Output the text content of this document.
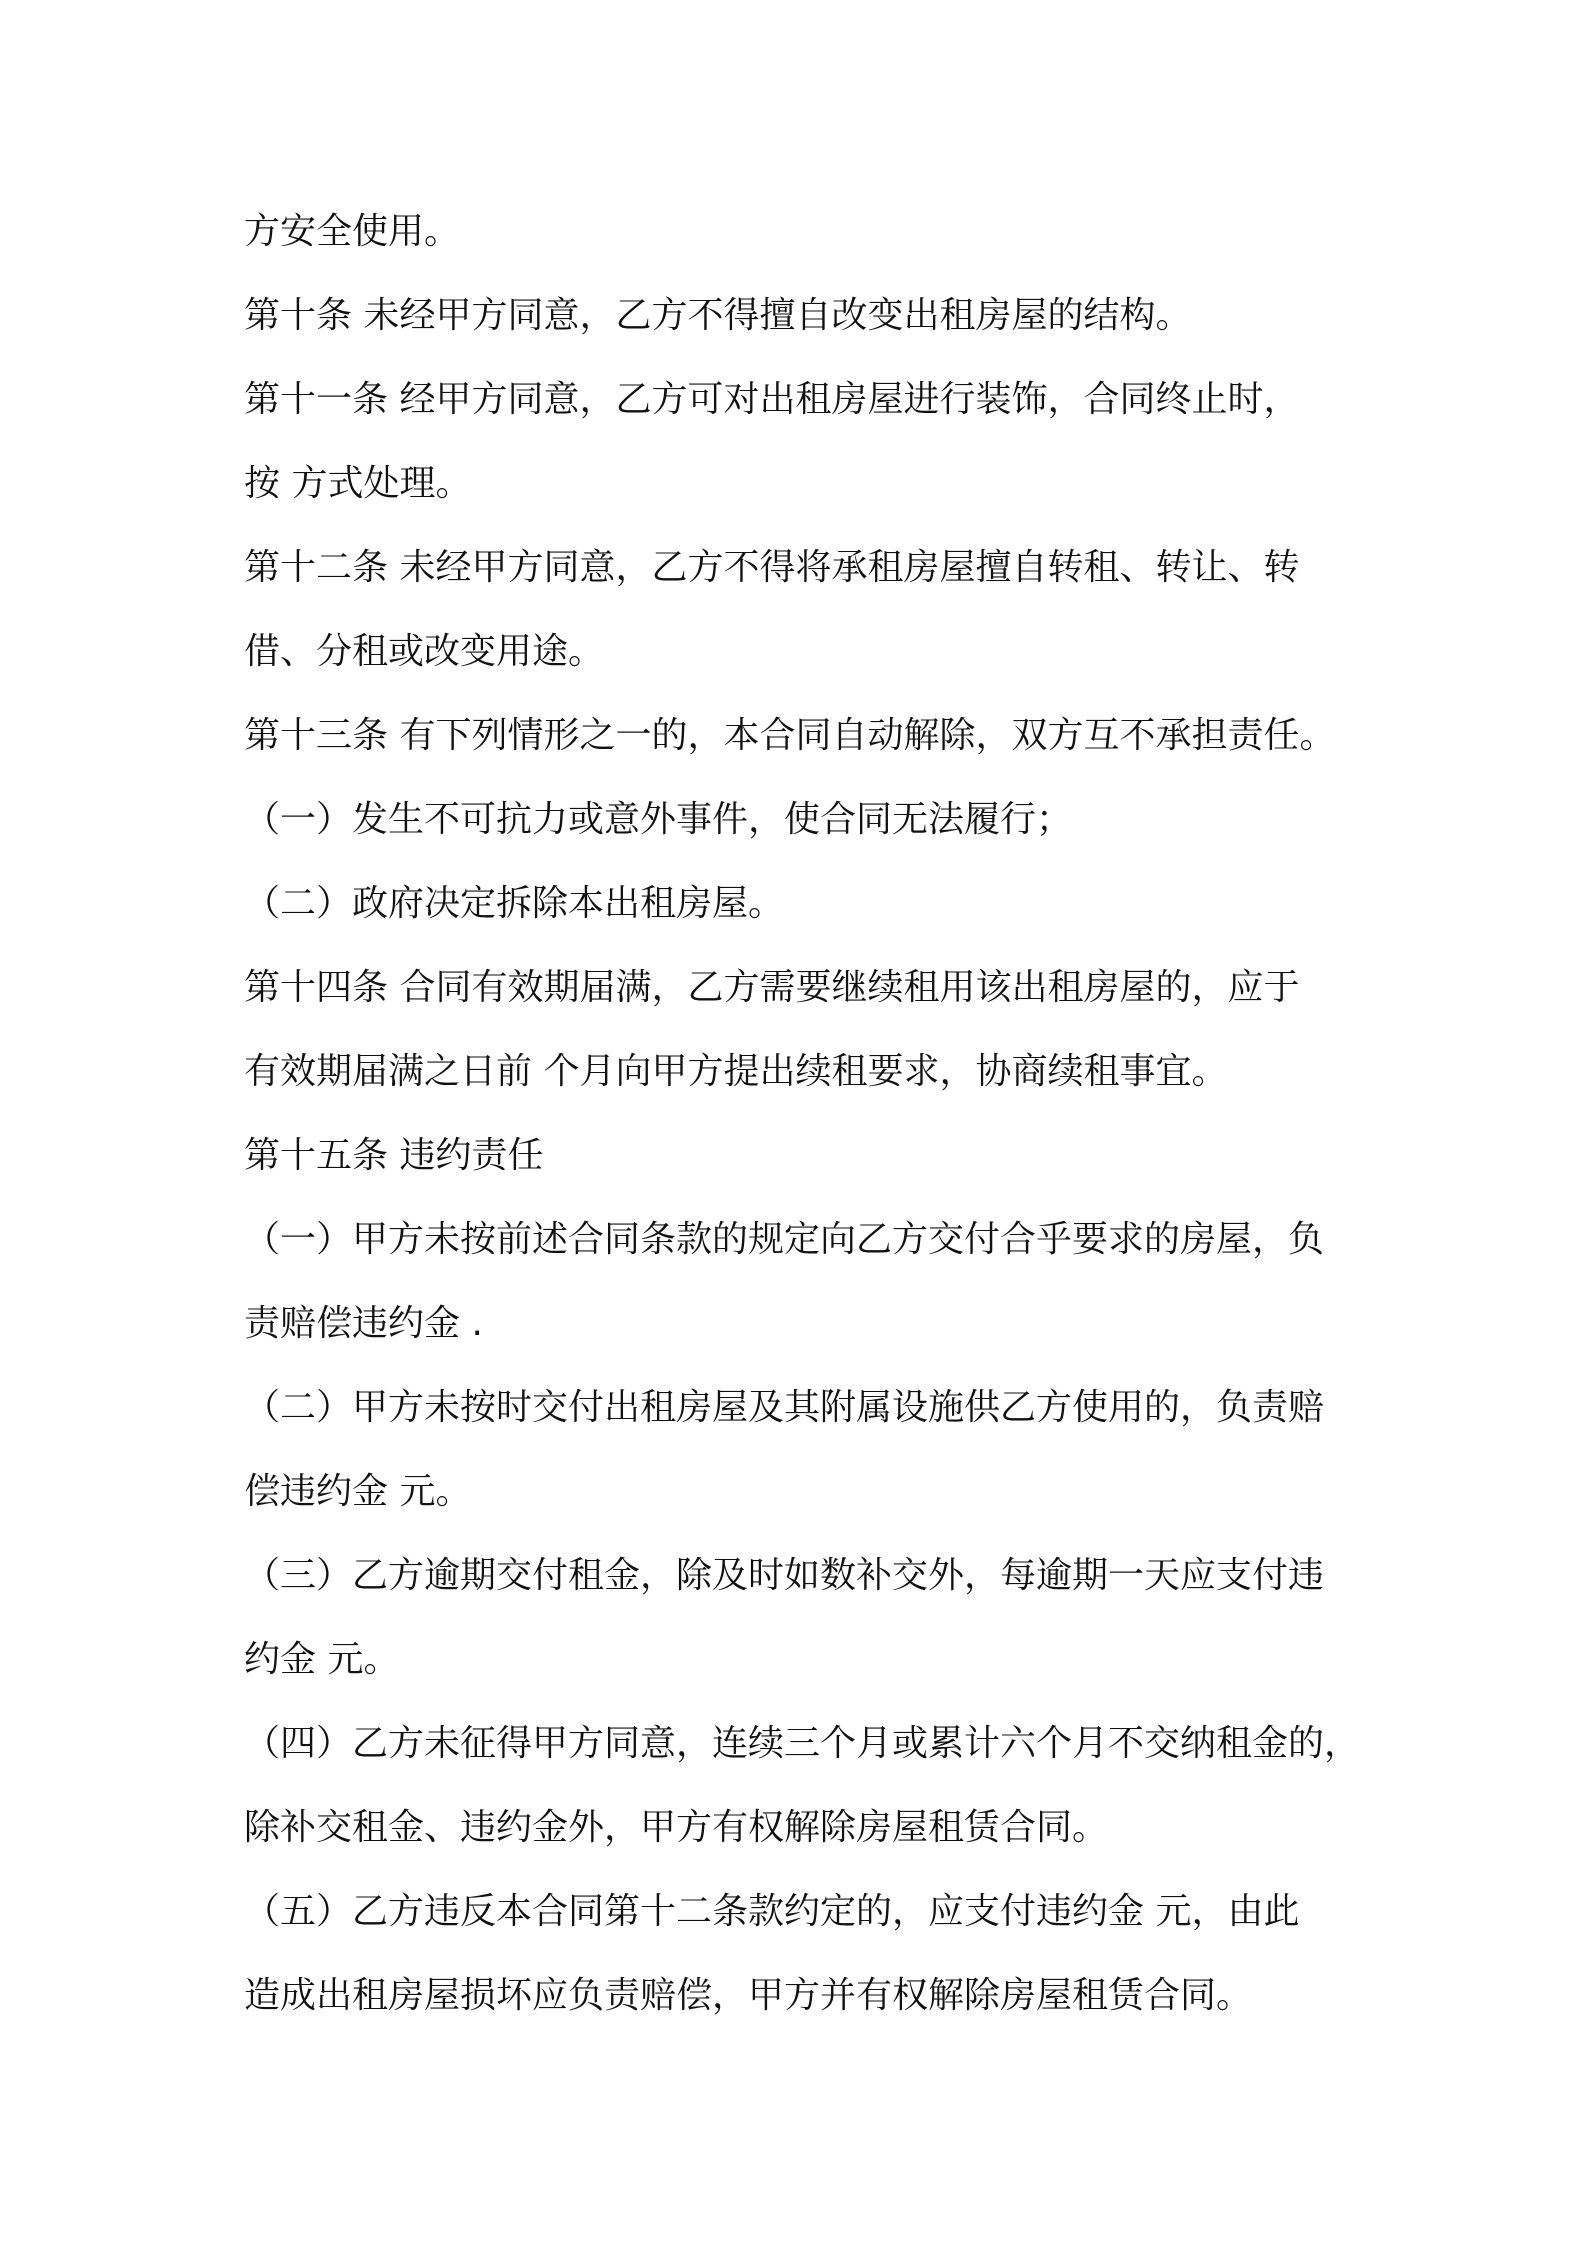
方安全使用。
第十条 未经甲方同意，乙方不得擅自改变出租房屋的结构。
第十一条 经甲方同意，乙方可对出租房屋进行装饰，合同终止时，
按 方式处理。
第十二条 未经甲方同意，乙方不得将承租房屋擅自转租、转让、转
借、分租或改变用途。
第十三条 有下列情形之一的，本合同自动解除，双方互不承担责任。
（一）发生不可抗力或意外事件，使合同无法履行；
（二）政府决定拆除本出租房屋。
第十四条 合同有效期届满，乙方需要继续租用该出租房屋的，应于
有效期届满之日前 个月向甲方提出续租要求，协商续租事宜。
第十五条 违约责任
（一）甲方未按前述合同条款的规定向乙方交付合乎要求的房屋，负
责赔偿违约金 .
（二）甲方未按时交付出租房屋及其附属设施供乙方使用的，负责赔
偿违约金 元。
（三）乙方逾期交付租金，除及时如数补交外，每逾期一天应支付违
约金 元。
（四）乙方未征得甲方同意，连续三个月或累计六个月不交纳租金的，
除补交租金、违约金外，甲方有权解除房屋租赁合同。
（五）乙方违反本合同第十二条款约定的，应支付违约金 元，由此
造成出租房屋损坏应负责赔偿，甲方并有权解除房屋租赁合同。
